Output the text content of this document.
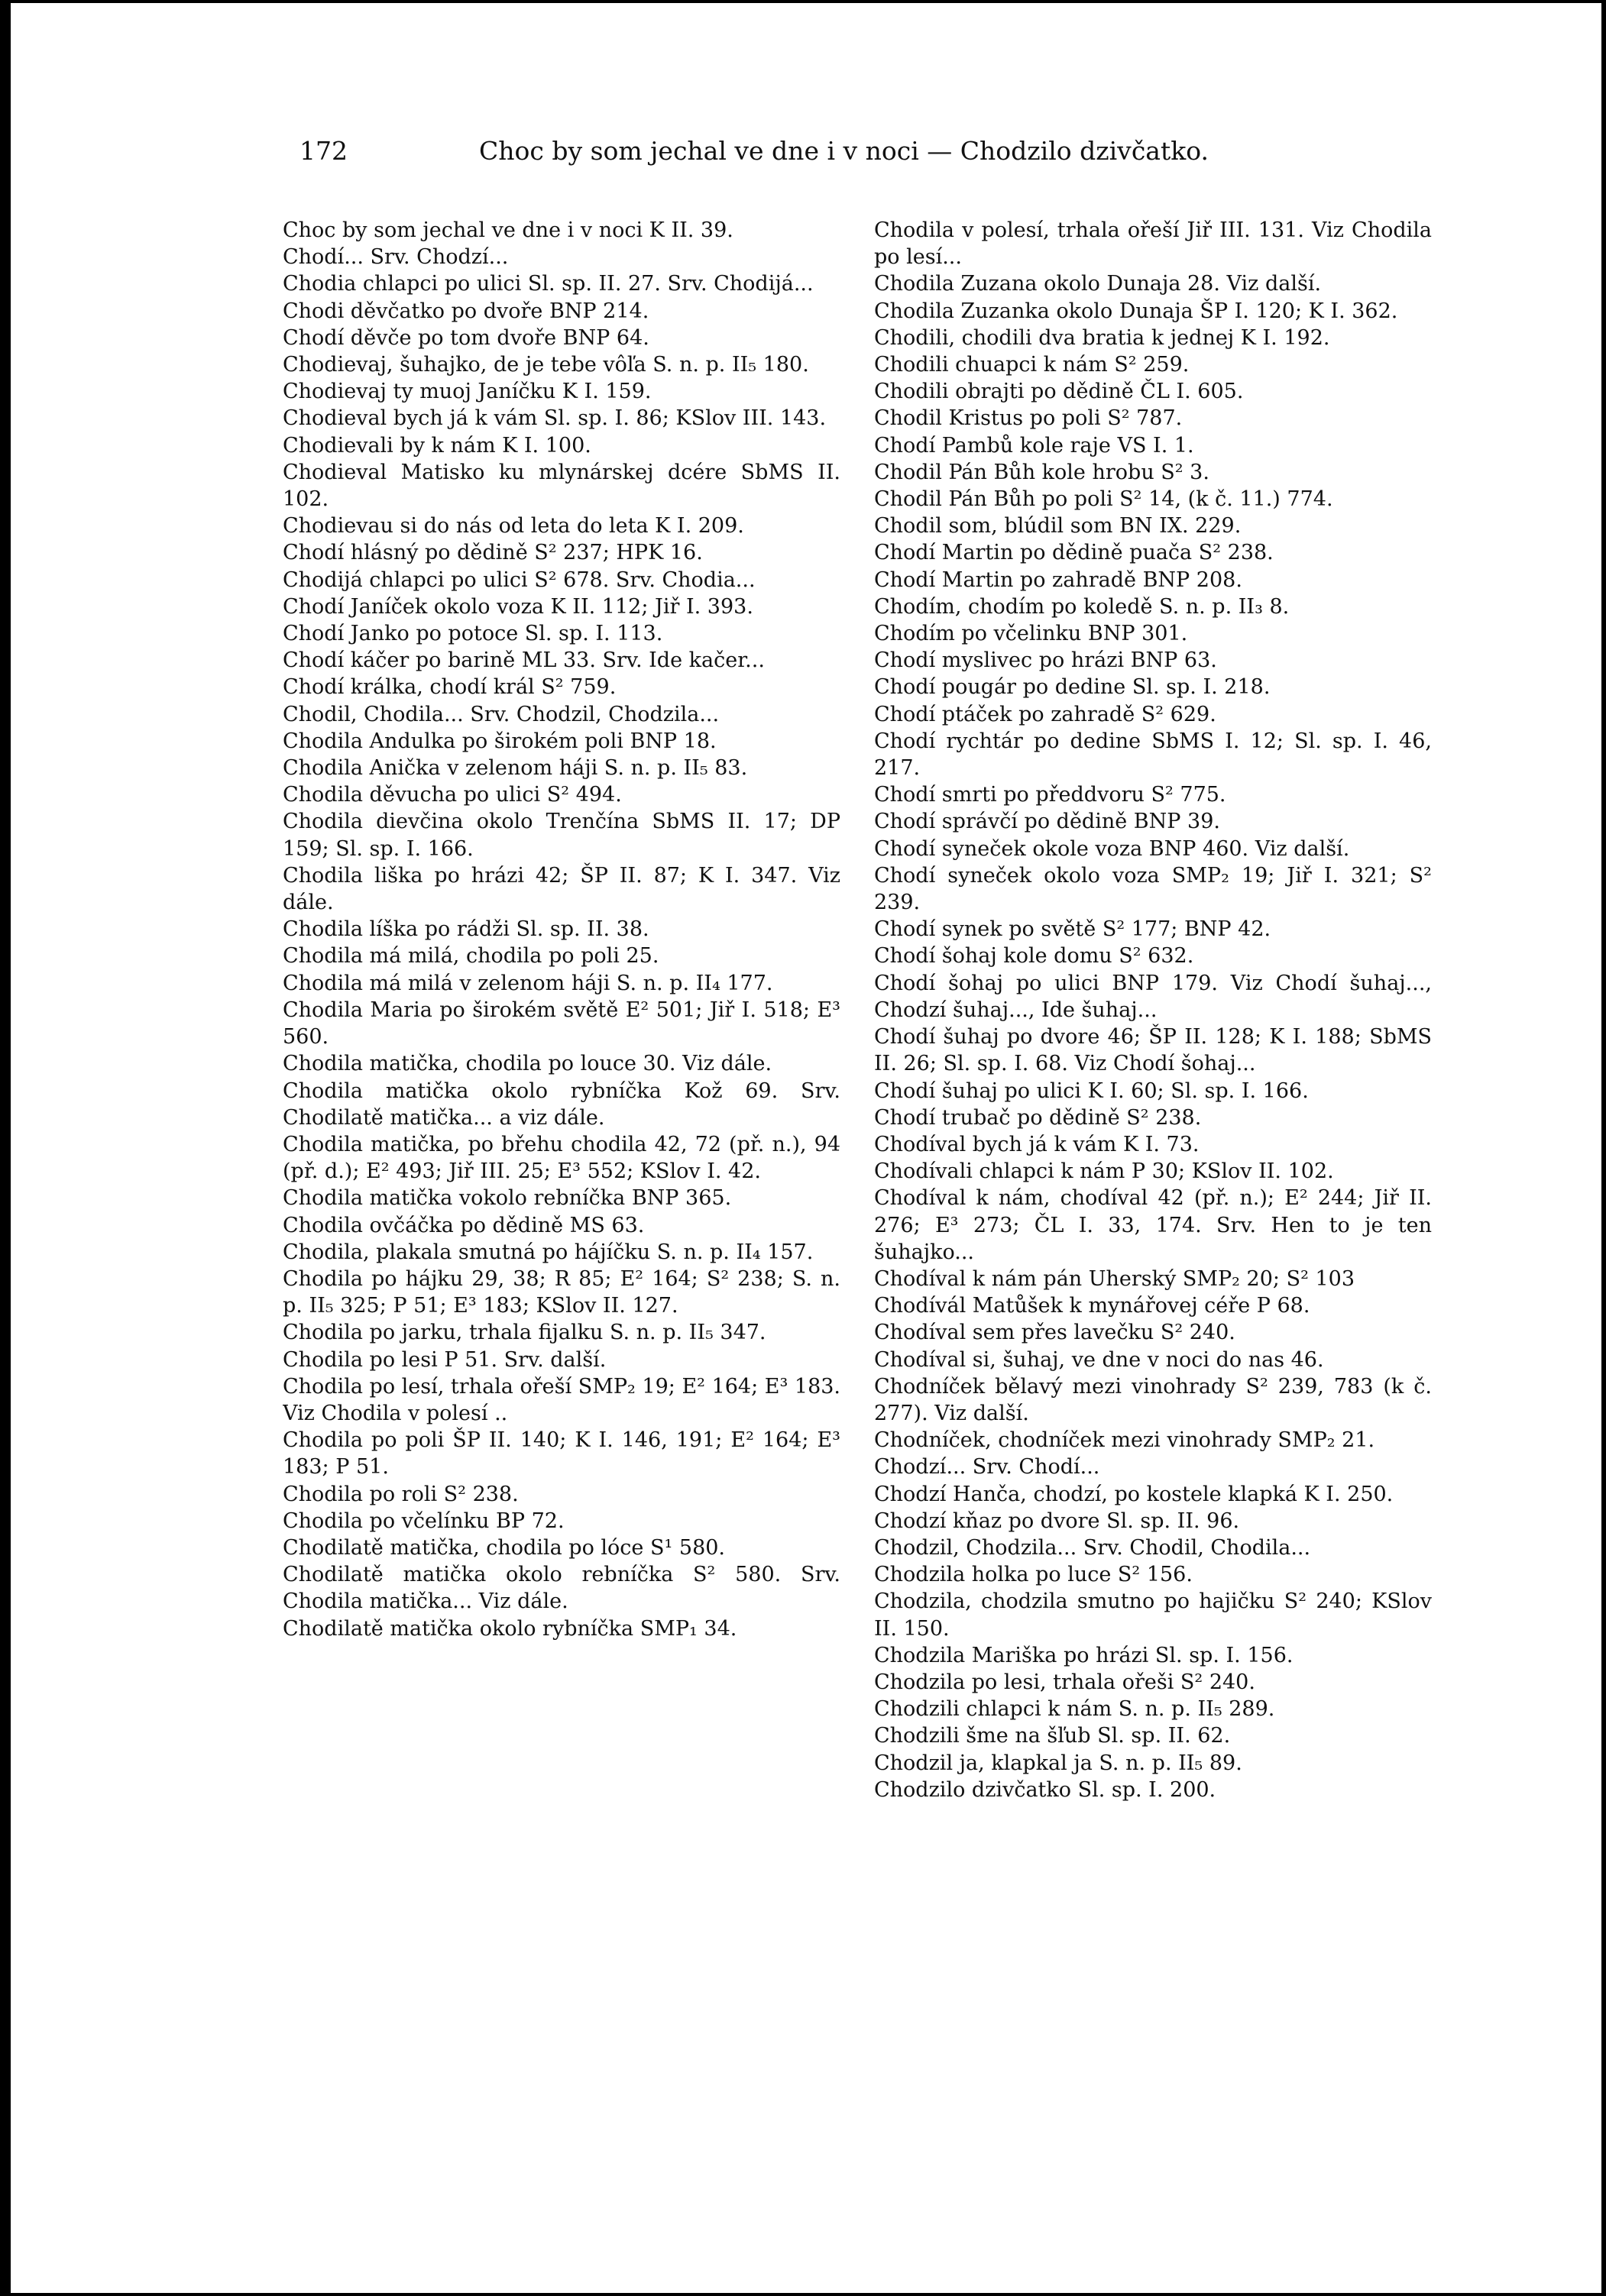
172	Choc by som jechal ve dne i v noci — Chodzilo dzivčatko.
Choc by som jechal ve dne i v noci K II. 39.
Chodí... Srv. Chodzí...
Chodia chlapci po ulici Sl. sp. II. 27. Srv. Chodijá...
Chodi děvčatko po dvoře BNP 214.
Chodí děvče po tom dvoře BNP 64.
Chodievaj, šuhajko, de je tebe vôľa S. n. p. II₅ 180.
Chodievaj ty muoj Janíčku K I. 159.
Chodieval bych já k vám Sl. sp. I. 86; KSlov III. 143.
Chodievali by k nám K I. 100.
Chodieval Matisko ku mlynárskej dcére SbMS II. 102.
Chodievau si do nás od leta do leta K I. 209.
Chodí hlásný po dědině S² 237; HPK 16.
Chodijá chlapci po ulici S² 678. Srv. Chodia...
Chodí Janíček okolo voza K II. 112; Jiř I. 393.
Chodí Janko po potoce Sl. sp. I. 113.
Chodí káčer po barině ML 33. Srv. Ide kačer...
Chodí králka, chodí král S² 759.
Chodil, Chodila... Srv. Chodzil, Chodzila...
Chodila Andulka po širokém poli BNP 18.
Chodila Anička v zelenom háji S. n. p. II₅ 83.
Chodila děvucha po ulici S² 494.
Chodila dievčina okolo Trenčína SbMS II. 17; DP 159; Sl. sp. I. 166.
Chodila liška po hrázi 42; ŠP II. 87; K I. 347. Viz dále.
Chodila líška po rádži Sl. sp. II. 38.
Chodila má milá, chodila po poli 25.
Chodila má milá v zelenom háji S. n. p. II₄ 177.
Chodila Maria po širokém světě E² 501; Jiř I. 518; E³ 560.
Chodila matička, chodila po louce 30. Viz dále.
Chodila matička okolo rybníčka Kož 69. Srv. Chodilatě matička... a viz dále.
Chodila matička, po břehu chodila 42, 72 (př. n.), 94 (př. d.); E² 493; Jiř III. 25; E³ 552; KSlov I. 42.
Chodila matička vokolo rebníčka BNP 365.
Chodila ovčáčka po dědině MS 63.
Chodila, plakala smutná po hájíčku S. n. p. II₄ 157.
Chodila po hájku 29, 38; R 85; E² 164; S² 238; S. n. p. II₅ 325; P 51; E³ 183; KSlov II. 127.
Chodila po jarku, trhala fijalku S. n. p. II₅ 347.
Chodila po lesi P 51. Srv. další.
Chodila po lesí, trhala ořeší SMP₂ 19; E² 164; E³ 183. Viz Chodila v polesí ..
Chodila po poli ŠP II. 140; K I. 146, 191; E² 164; E³ 183; P 51.
Chodila po roli S² 238.
Chodila po včelínku BP 72.
Chodilatě matička, chodila po lóce S¹ 580.
Chodilatě matička okolo rebníčka S² 580. Srv. Chodila matička... Viz dále.
Chodilatě matička okolo rybníčka SMP₁ 34.
Chodila v polesí, trhala ořeší Jiř III. 131. Viz Chodila po lesí...
Chodila Zuzana okolo Dunaja 28. Viz další.
Chodila Zuzanka okolo Dunaja ŠP I. 120; K I. 362.
Chodili, chodili dva bratia k jednej K I. 192.
Chodili chuapci k nám S² 259.
Chodili obrajti po dědině ČL I. 605.
Chodil Kristus po poli S² 787.
Chodí Pambů kole raje VS I. 1.
Chodil Pán Bůh kole hrobu S² 3.
Chodil Pán Bůh po poli S² 14, (k č. 11.) 774.
Chodil som, blúdil som BN IX. 229.
Chodí Martin po dědině puača S² 238.
Chodí Martin po zahradě BNP 208.
Chodím, chodím po koledě S. n. p. II₃ 8.
Chodím po včelinku BNP 301.
Chodí myslivec po hrázi BNP 63.
Chodí pougár po dedine Sl. sp. I. 218.
Chodí ptáček po zahradě S² 629.
Chodí rychtár po dedine SbMS I. 12; Sl. sp. I. 46, 217.
Chodí smrti po předdvoru S² 775.
Chodí správčí po dědině BNP 39.
Chodí syneček okole voza BNP 460. Viz další.
Chodí syneček okolo voza SMP₂ 19; Jiř I. 321; S² 239.
Chodí synek po světě S² 177; BNP 42.
Chodí šohaj kole domu S² 632.
Chodí šohaj po ulici BNP 179. Viz Chodí šuhaj..., Chodzí šuhaj..., Ide šuhaj...
Chodí šuhaj po dvore 46; ŠP II. 128; K I. 188; SbMS II. 26; Sl. sp. I. 68. Viz Chodí šohaj...
Chodí šuhaj po ulici K I. 60; Sl. sp. I. 166.
Chodí trubač po dědině S² 238.
Chodíval bych já k vám K I. 73.
Chodívali chlapci k nám P 30; KSlov II. 102.
Chodíval k nám, chodíval 42 (př. n.); E² 244; Jiř II. 276; E³ 273; ČL I. 33, 174. Srv. Hen to je ten šuhajko...
Chodíval k nám pán Uherský SMP₂ 20; S² 103
Chodívál Matůšek k mynářovej céře P 68.
Chodíval sem přes lavečku S² 240.
Chodíval si, šuhaj, ve dne v noci do nas 46.
Chodníček bělavý mezi vinohrady S² 239, 783 (k č. 277). Viz další.
Chodníček, chodníček mezi vinohrady SMP₂ 21.
Chodzí... Srv. Chodí...
Chodzí Hanča, chodzí, po kostele klapká K I. 250.
Chodzí kňaz po dvore Sl. sp. II. 96.
Chodzil, Chodzila... Srv. Chodil, Chodila...
Chodzila holka po luce S² 156.
Chodzila, chodzila smutno po hajičku S² 240; KSlov II. 150.
Chodzila Mariška po hrázi Sl. sp. I. 156.
Chodzila po lesi, trhala ořeši S² 240.
Chodzili chlapci k nám S. n. p. II₅ 289.
Chodzili šme na šľub Sl. sp. II. 62.
Chodzil ja, klapkal ja S. n. p. II₅ 89.
Chodzilo dzivčatko Sl. sp. I. 200.
